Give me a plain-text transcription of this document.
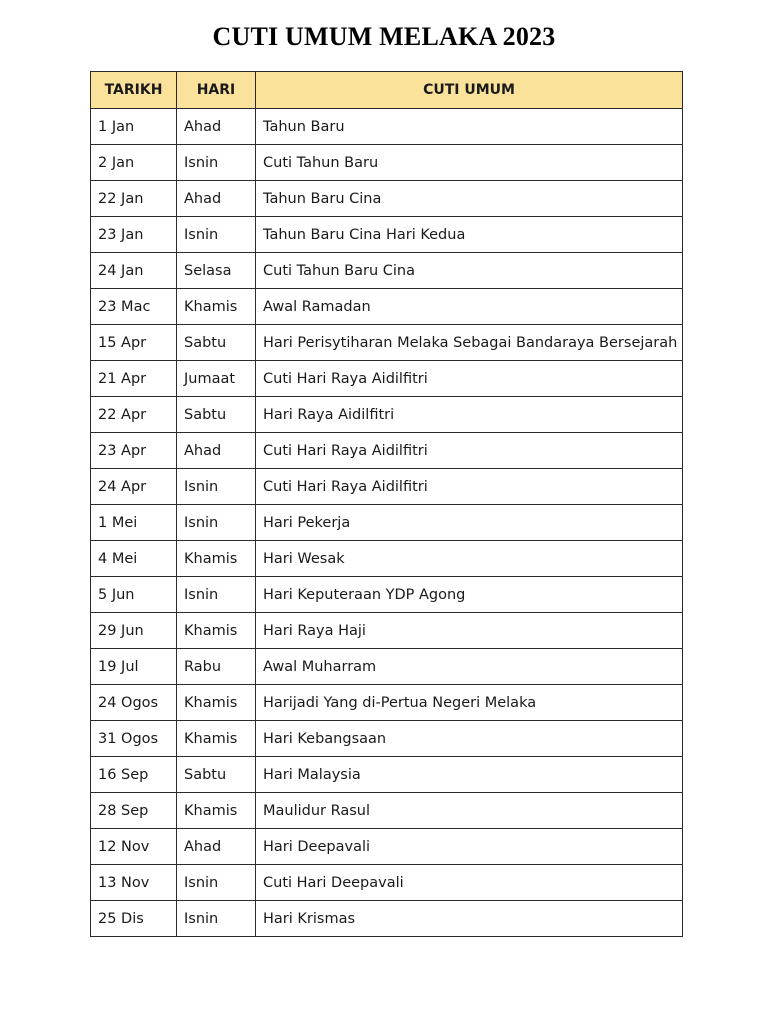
CUTI UMUM MELAKA 2023
TARIKH	HARI	CUTI UMUM
1 Jan	Ahad	Tahun Baru
2 Jan	Isnin	Cuti Tahun Baru
22 Jan	Ahad	Tahun Baru Cina
23 Jan	Isnin	Tahun Baru Cina Hari Kedua
24 Jan	Selasa	Cuti Tahun Baru Cina
23 Mac	Khamis	Awal Ramadan
15 Apr	Sabtu	Hari Perisytiharan Melaka Sebagai Bandaraya Bersejarah
21 Apr	Jumaat	Cuti Hari Raya Aidilfitri
22 Apr	Sabtu	Hari Raya Aidilfitri
23 Apr	Ahad	Cuti Hari Raya Aidilfitri
24 Apr	Isnin	Cuti Hari Raya Aidilfitri
1 Mei	Isnin	Hari Pekerja
4 Mei	Khamis	Hari Wesak
5 Jun	Isnin	Hari Keputeraan YDP Agong
29 Jun	Khamis	Hari Raya Haji
19 Jul	Rabu	Awal Muharram
24 Ogos	Khamis	Harijadi Yang di-Pertua Negeri Melaka
31 Ogos	Khamis	Hari Kebangsaan
16 Sep	Sabtu	Hari Malaysia
28 Sep	Khamis	Maulidur Rasul
12 Nov	Ahad	Hari Deepavali
13 Nov	Isnin	Cuti Hari Deepavali
25 Dis	Isnin	Hari Krismas
